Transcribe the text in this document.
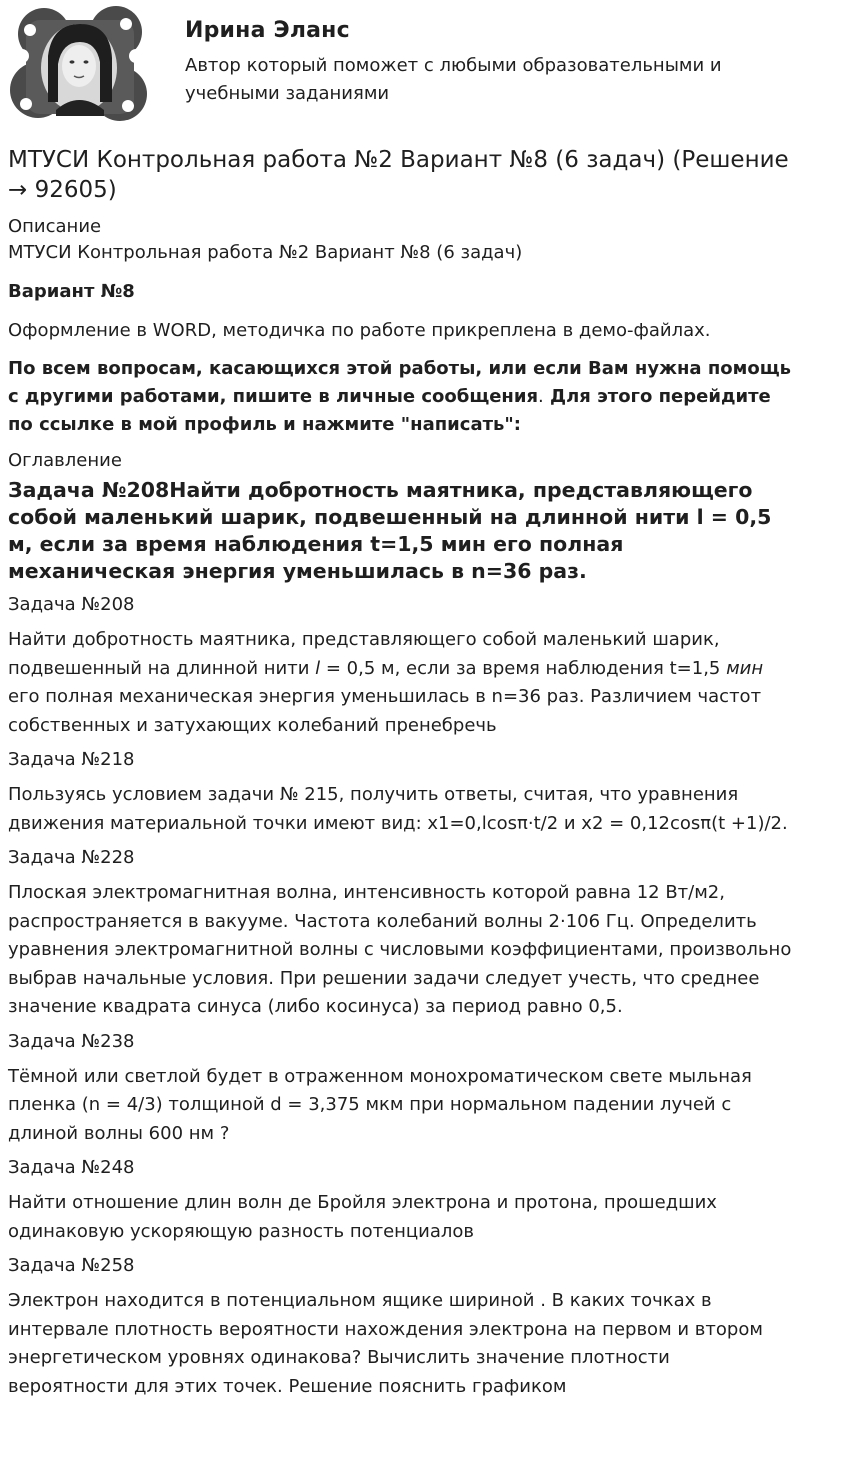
Ирина Эланс
Автор который поможет с любыми образовательными и
учебными заданиями
МТУСИ Контрольная работа №2 Вариант №8 (6 задач) (Решение
→ 92605)
Описание
МТУСИ Контрольная работа №2 Вариант №8 (6 задач)
Вариант №8
Оформление в WORD, методичка по работе прикреплена в демо-файлах.
По всем вопросам, касающихся этой работы, или если Вам нужна помощь
с другими работами, пишите в личные сообщения. Для этого перейдите
по ссылке в мой профиль и нажмите "написать":
Оглавление
Задача №208Найти добротность маятника, представляющего
собой маленький шарик, подвешенный на длинной нити l = 0,5
м, если за время наблюдения t=1,5 мин его полная
механическая энергия уменьшилась в n=36 раз.
Задача №208
Найти добротность маятника, представляющего собой маленький шарик,
подвешенный на длинной нити l = 0,5 м, если за время наблюдения t=1,5 мин
его полная механическая энергия уменьшилась в n=36 раз. Различием частот
собственных и затухающих колебаний пренебречь
Задача №218
Пользуясь условием задачи № 215, получить ответы, считая, что уравнения
движения материальной точки имеют вид: x1=0,lcosπ·t/2 и x2 = 0,12cosπ(t +1)/2.
Задача №228
Плоская электромагнитная волна, интенсивность которой равна 12 Вт/м2,
распространяется в вакууме. Частота колебаний волны 2·106 Гц. Определить
уравнения электромагнитной волны с числовыми коэффициентами, произвольно
выбрав начальные условия. При решении задачи следует учесть, что среднее
значение квадрата синуса (либо косинуса) за период равно 0,5.
Задача №238
Тёмной или светлой будет в отраженном монохроматическом свете мыльная
пленка (n = 4/3) толщиной d = 3,375 мкм при нормальном падении лучей с
длиной волны 600 нм ?
Задача №248
Найти отношение длин волн де Бройля электрона и протона, прошедших
одинаковую ускоряющую разность потенциалов
Задача №258
Электрон находится в потенциальном ящике шириной . В каких точках в
интервале плотность вероятности нахождения электрона на первом и втором
энергетическом уровнях одинакова? Вычислить значение плотности
вероятности для этих точек. Решение пояснить графиком
